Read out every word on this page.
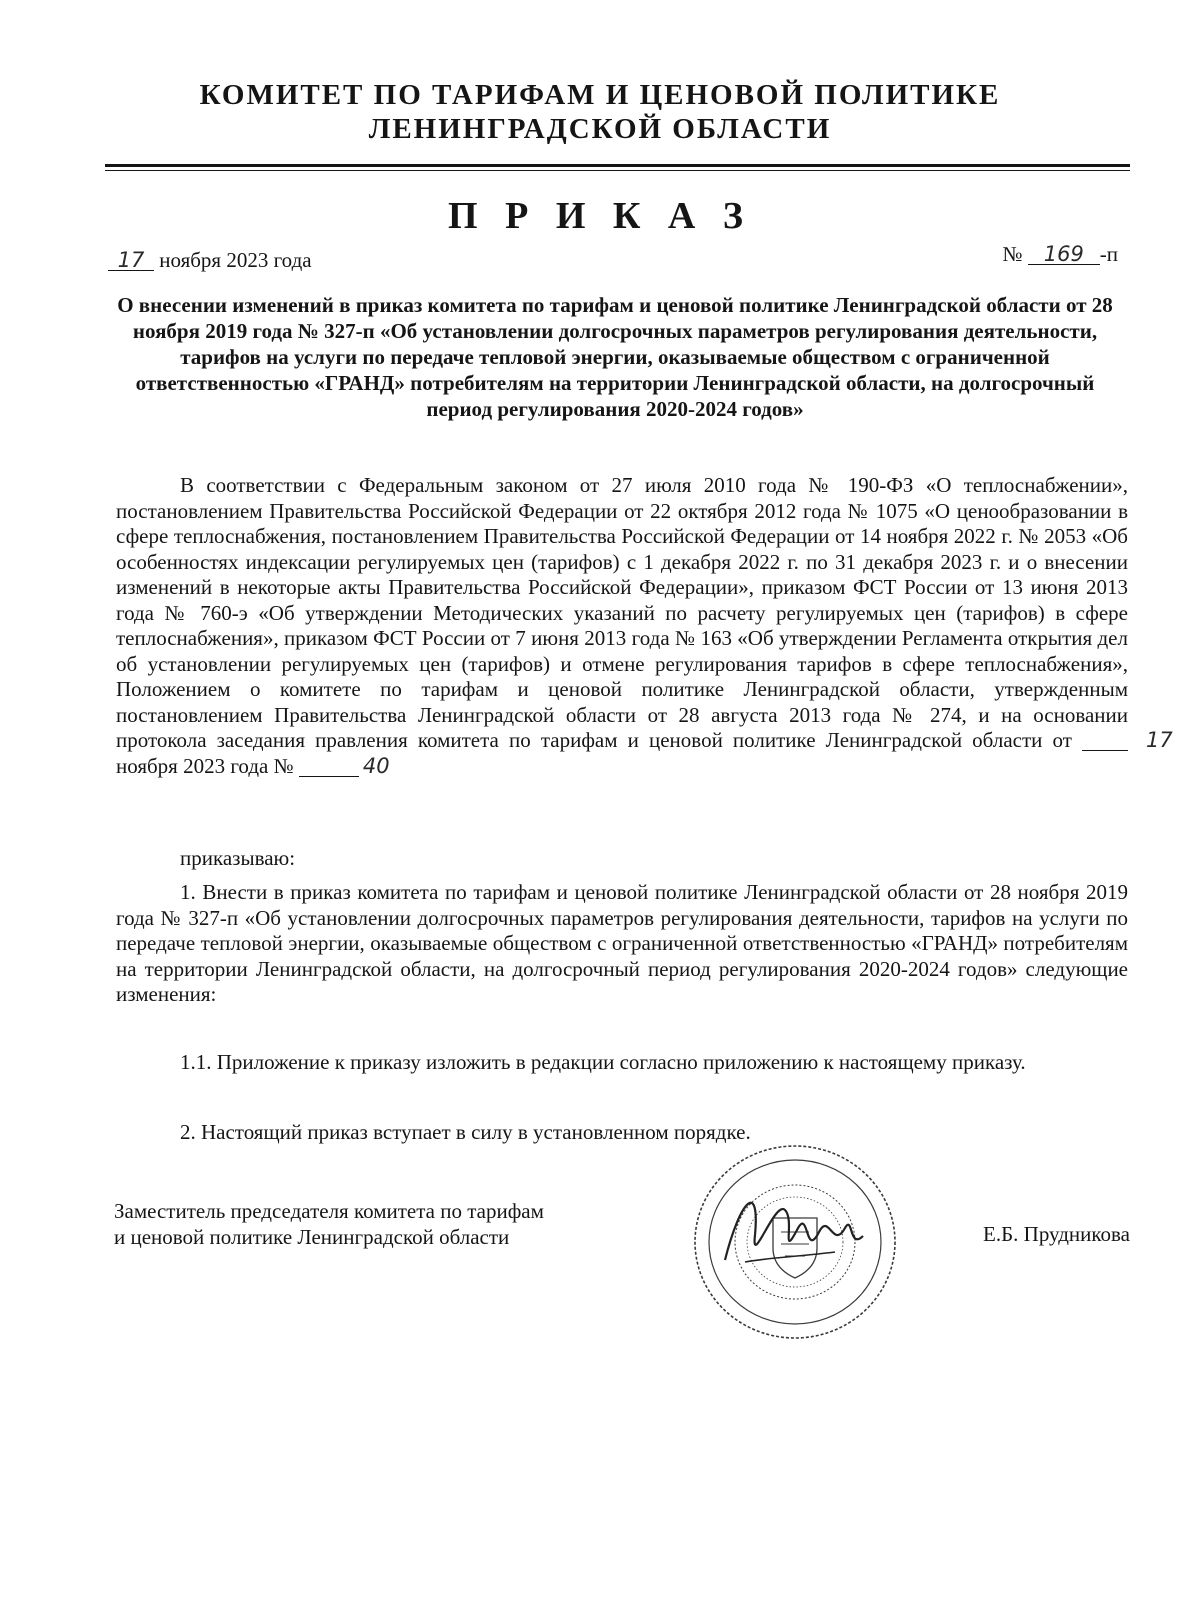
КОМИТЕТ ПО ТАРИФАМ И ЦЕНОВОЙ ПОЛИТИКЕ
ЛЕНИНГРАДСКОЙ ОБЛАСТИ
П Р И К А З
17 ноября 2023 года	№ 169 -п
О внесении изменений в приказ комитета по тарифам и ценовой политике Ленинградской области от 28 ноября 2019 года № 327-п «Об установлении долгосрочных параметров регулирования деятельности, тарифов на услуги по передаче тепловой энергии, оказываемые обществом с ограниченной ответственностью «ГРАНД» потребителям на территории Ленинградской области, на долгосрочный период регулирования 2020-2024 годов»
В соответствии с Федеральным законом от 27 июля 2010 года № 190-ФЗ «О теплоснабжении», постановлением Правительства Российской Федерации от 22 октября 2012 года № 1075 «О ценообразовании в сфере теплоснабжения, постановлением Правительства Российской Федерации от 14 ноября 2022 г. № 2053 «Об особенностях индексации регулируемых цен (тарифов) с 1 декабря 2022 г. по 31 декабря 2023 г. и о внесении изменений в некоторые акты Правительства Российской Федерации», приказом ФСТ России от 13 июня 2013 года № 760-э «Об утверждении Методических указаний по расчету регулируемых цен (тарифов) в сфере теплоснабжения», приказом ФСТ России от 7 июня 2013 года № 163 «Об утверждении Регламента открытия дел об установлении регулируемых цен (тарифов) и отмене регулирования тарифов в сфере теплоснабжения», Положением о комитете по тарифам и ценовой политике Ленинградской области, утвержденным постановлением Правительства Ленинградской области от 28 августа 2013 года № 274, и на основании протокола заседания правления комитета по тарифам и ценовой политике Ленинградской области от	17 ноября 2023 года №	40
приказываю:
1. Внести в приказ комитета по тарифам и ценовой политике Ленинградской области от 28 ноября 2019 года № 327-п «Об установлении долгосрочных параметров регулирования деятельности, тарифов на услуги по передаче тепловой энергии, оказываемые обществом с ограниченной ответственностью «ГРАНД» потребителям на территории Ленинградской области, на долгосрочный период регулирования 2020-2024 годов» следующие изменения:
1.1. Приложение к приказу изложить в редакции согласно приложению к настоящему приказу.
2. Настоящий приказ вступает в силу в установленном порядке.
Заместитель председателя комитета по тарифам
и ценовой политике Ленинградской области	Е.Б. Прудникова
